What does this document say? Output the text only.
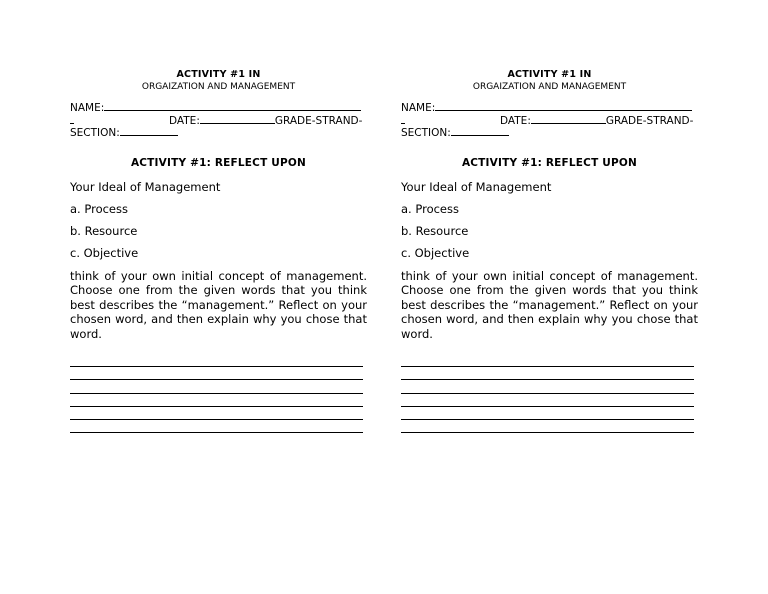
ACTIVITY #1 IN
ORGAIZATION AND MANAGEMENT
NAME:
DATE:	GRADE-STRAND-
SECTION:
ACTIVITY #1: REFLECT UPON
Your Ideal of Management
a. Process
b. Resource
c. Objective
think of your own initial concept of management. Choose one from the given words that you think best describes the “management.” Reflect on your chosen word, and then explain why you chose that word.
ACTIVITY #1 IN
ORGAIZATION AND MANAGEMENT
NAME:
DATE:	GRADE-STRAND-
SECTION:
ACTIVITY #1: REFLECT UPON
Your Ideal of Management
a. Process
b. Resource
c. Objective
think of your own initial concept of management. Choose one from the given words that you think best describes the “management.” Reflect on your chosen word, and then explain why you chose that word.
